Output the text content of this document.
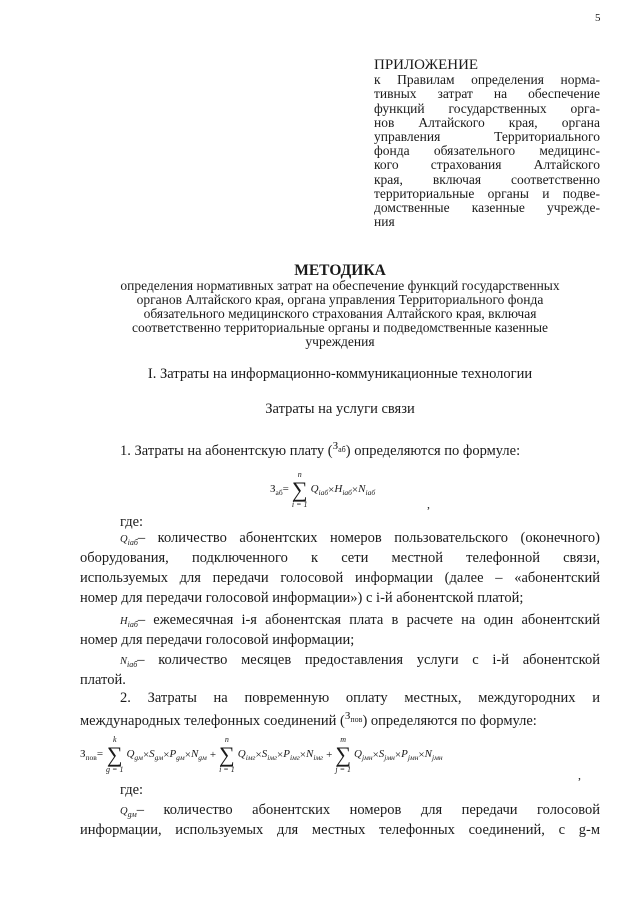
5
ПРИЛОЖЕНИЕ
к Правилам определения норма-
тивных затрат на обеспечение
функций государственных орга-
нов Алтайского края, органа
управления Территориального
фонда обязательного медицинс-
кого страхования Алтайского
края, включая соответственно
территориальные органы и подве-
домственные казенные учрежде-
ния
МЕТОДИКА
определения нормативных затрат на обеспечение функций государственных
органов Алтайского края, органа управления Территориального фонда
обязательного медицинского страхования Алтайского края, включая
соответственно территориальные органы и подведомственные казенные
учреждения
I. Затраты на информационно-коммуникационные технологии
Затраты на услуги связи
1. Затраты на абонентскую плату ($^{З_{аб}}$) определяются по формуле:
$З_{аб}=$
n
∑
i = 1
$Q_{iаб}\times H_{iаб}\times N_{iаб}$
,
где:
$Q_{iаб}-$ количество абонентских номеров пользовательского (оконечного)
оборудования, подключенного к сети местной телефонной связи,
используемых для передачи голосовой информации (далее – «абонентский
номер для передачи голосовой информации») с i-й абонентской платой;
$H_{iаб}-$ ежемесячная i-я абонентская плата в расчете на один абонентский
номер для передачи голосовой информации;
$N_{iаб}-$ количество месяцев предоставления услуги с i-й абонентской
платой.
2. Затраты на повременную оплату местных, междугородних и
международных телефонных соединений ($^{З_{пов}}$) определяются по формуле:
$З_{пов}=$
k
∑
g = 1
$Q_{gм}\times S_{gм}\times P_{gм}\times N_{gм}$ +
n
∑
i = 1
$Q_{iмг}\times S_{iмг}\times P_{iмг}\times N_{iмг}$ +
m
∑
j = 1
$Q_{jмн}\times S_{jмн}\times P_{jмн}\times N_{jмн}$
,
где:
$Q_{gм}-$ количество абонентских номеров для передачи голосовой
информации, используемых для местных телефонных соединений, с g-м
